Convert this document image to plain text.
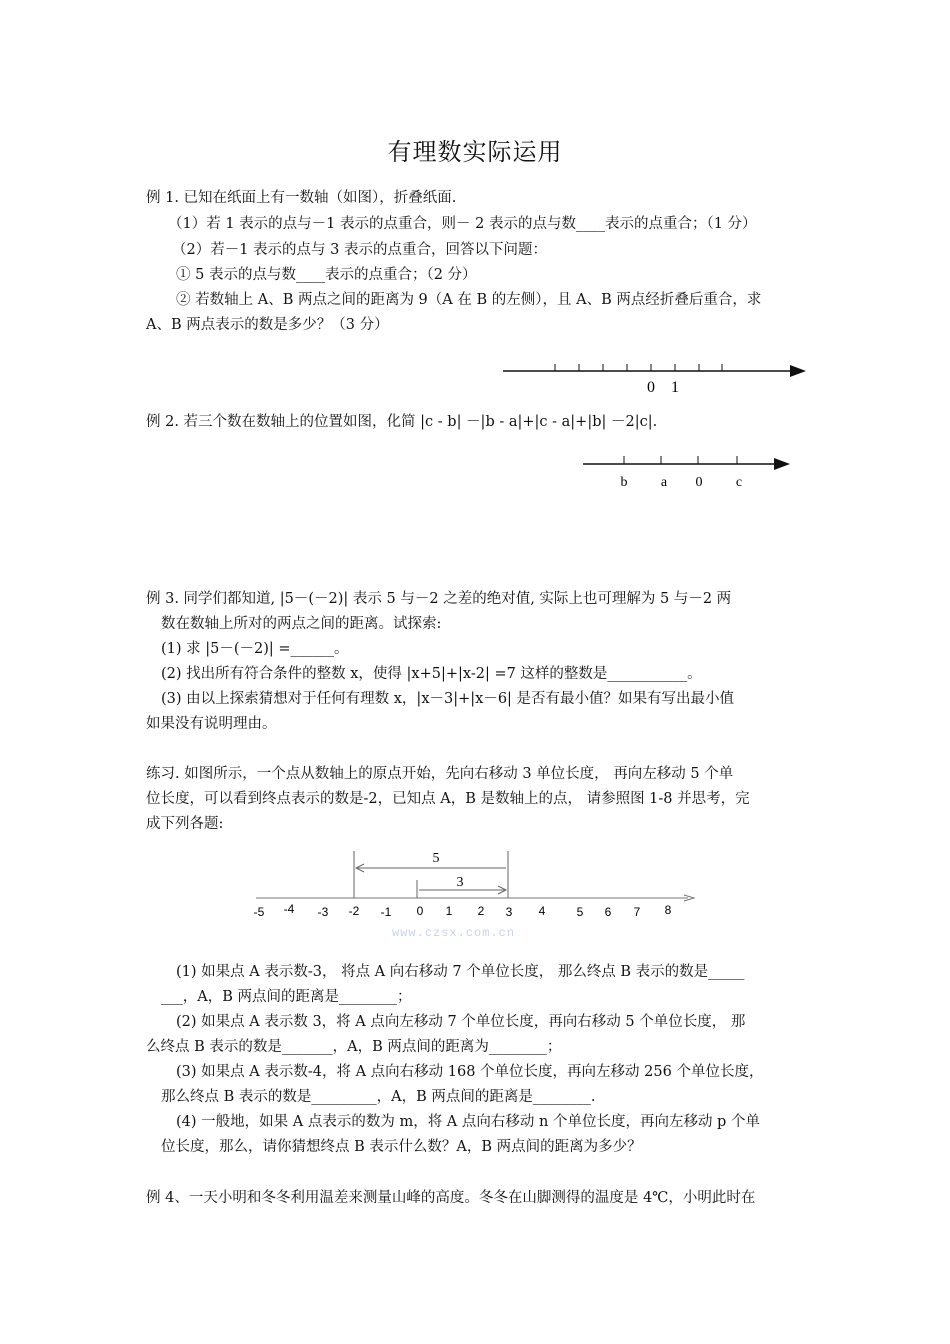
有理数实际运用
例 1. 已知在纸面上有一数轴（如图），折叠纸面.
（1）若 1 表示的点与－1 表示的点重合，则－ 2 表示的点与数____表示的点重合；（1 分）
（2）若－1 表示的点与 3 表示的点重合，回答以下问题：
① 5 表示的点与数____表示的点重合；（2 分）
② 若数轴上 A、B 两点之间的距离为 9（A 在 B 的左侧），且 A、B 两点经折叠后重合，求
A、B 两点表示的数是多少？（3 分）
0 1
例 2. 若三个数在数轴上的位置如图，化简 |c - b| －|b - a|+|c - a|+|b| －2|c|.
b a 0 c
例 3. 同学们都知道, |5－(－2)| 表示 5 与－2 之差的绝对值, 实际上也可理解为 5 与－2 两
数在数轴上所对的两点之间的距离。试探索:
(1) 求 |5－(－2)| =______。
(2) 找出所有符合条件的整数 x，使得 |x+5|+|x-2| =7 这样的整数是___________。
(3) 由以上探索猜想对于任何有理数 x，|x－3|+|x－6| 是否有最小值？如果有写出最小值
如果没有说明理由。
练习. 如图所示，一个点从数轴上的原点开始，先向右移动 3 单位长度， 再向左移动 5 个单
位长度，可以看到终点表示的数是-2，已知点 A，B 是数轴上的点， 请参照图 1-8 并思考，完
成下列各题:
5
3
-5 -4 -3 -2 -1 0 1 2 3 4	5 6 7 8
www.czsx.com.cn
(1) 如果点 A 表示数-3， 将点 A 向右移动 7 个单位长度， 那么终点 B 表示的数是_____
___，A，B 两点间的距离是________；
(2) 如果点 A 表示数 3，将 A 点向左移动 7 个单位长度，再向右移动 5 个单位长度， 那
么终点 B 表示的数是_______，A，B 两点间的距离为________；
(3) 如果点 A 表示数-4，将 A 点向右移动 168 个单位长度，再向左移动 256 个单位长度，
那么终点 B 表示的数是_________，A，B 两点间的距离是________.
(4) 一般地，如果 A 点表示的数为 m，将 A 点向右移动 n 个单位长度，再向左移动 p 个单
位长度，那么，请你猜想终点 B 表示什么数？A，B 两点间的距离为多少？
例 4、一天小明和冬冬利用温差来测量山峰的高度。冬冬在山脚测得的温度是 4℃，小明此时在
